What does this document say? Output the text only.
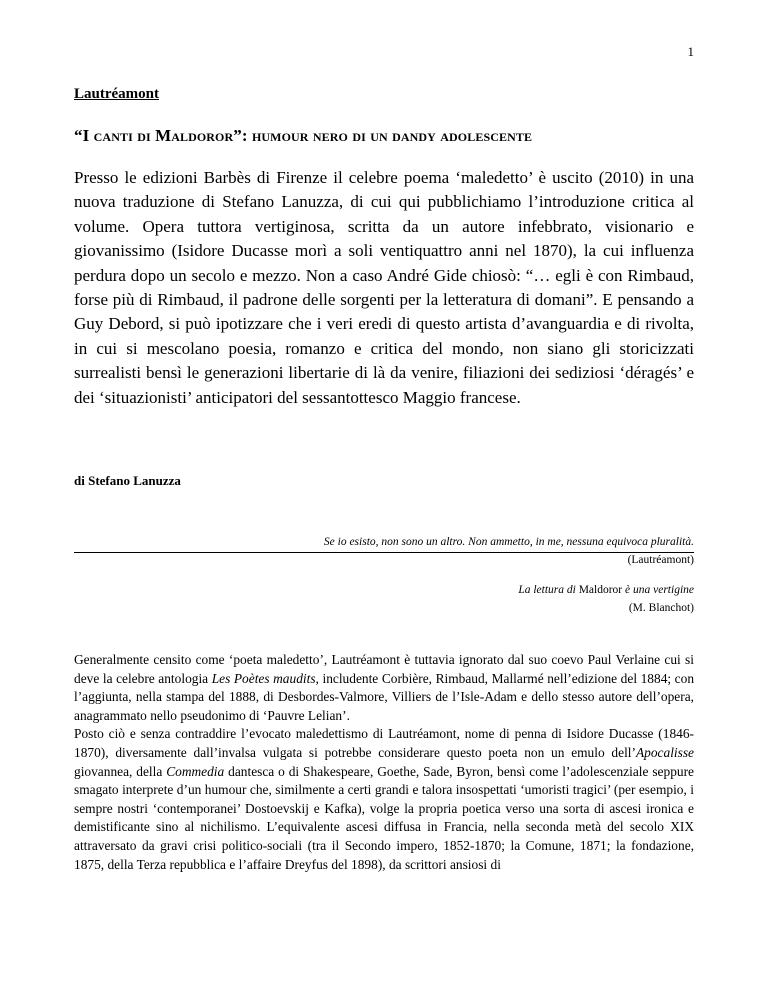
1
Lautréamont
“I canti di Maldoror”: humour nero di un dandy adolescente

Presso le edizioni Barbès di Firenze il celebre poema ‘maledetto’ è uscito (2010) in una nuova traduzione di Stefano Lanuzza, di cui qui pubblichiamo l’introduzione critica al volume. Opera tuttora vertiginosa, scritta da un autore infebbrato, visionario e giovanissimo (Isidore Ducasse morì a soli ventiquattro anni nel 1870), la cui influenza perdura dopo un secolo e mezzo. Non a caso André Gide chiosò: “… egli è con Rimbaud, forse più di Rimbaud, il padrone delle sorgenti per la letteratura di domani”. E pensando a Guy Debord, si può ipotizzare che i veri eredi di questo artista d’avanguardia e di rivolta, in cui si mescolano poesia, romanzo e critica del mondo, non siano gli storicizzati surrealisti bensì le generazioni libertarie di là da venire, filiazioni dei sediziosi ‘déragés’ e dei ‘situazionisti’ anticipatori del sessantottesco Maggio francese.

di Stefano Lanuzza
Se io esisto, non sono un altro. Non ammetto, in me, nessuna equivoca pluralità.
(Lautréamont)
La lettura di Maldoror è una vertigine
(M. Blanchot)

Generalmente censito come ‘poeta maledetto’, Lautréamont è tuttavia ignorato dal suo coevo Paul Verlaine cui si deve la celebre antologia Les Poètes maudits, includente Corbière, Rimbaud, Mallarmé nell’edizione del 1884; con l’aggiunta, nella stampa del 1888, di Desbordes-Valmore, Villiers de l’Isle-Adam e dello stesso autore dell’opera, anagrammato nello pseudonimo di ‘Pauvre Lelian’.

Posto ciò e senza contraddire l’evocato maledettismo di Lautréamont, nome di penna di Isidore Ducasse (1846-1870), diversamente dall’invalsa vulgata si potrebbe considerare questo poeta non un emulo dell’Apocalisse giovannea, della Commedia dantesca o di Shakespeare, Goethe, Sade, Byron, bensì come l’adolescenziale seppure smagato interprete d’un humour che, similmente a certi grandi e talora insospettati ‘umoristi tragici’ (per esempio, i sempre nostri ‘contemporanei’ Dostoevskij e Kafka), volge la propria poetica verso una sorta di ascesi ironica e demistificante sino al nichilismo. L’equivalente ascesi diffusa in Francia, nella seconda metà del secolo XIX attraversato da gravi crisi politico-sociali (tra il Secondo impero, 1852-1870; la Comune, 1871; la fondazione, 1875, della Terza repubblica e l’affaire Dreyfus del 1898), da scrittori ansiosi di
